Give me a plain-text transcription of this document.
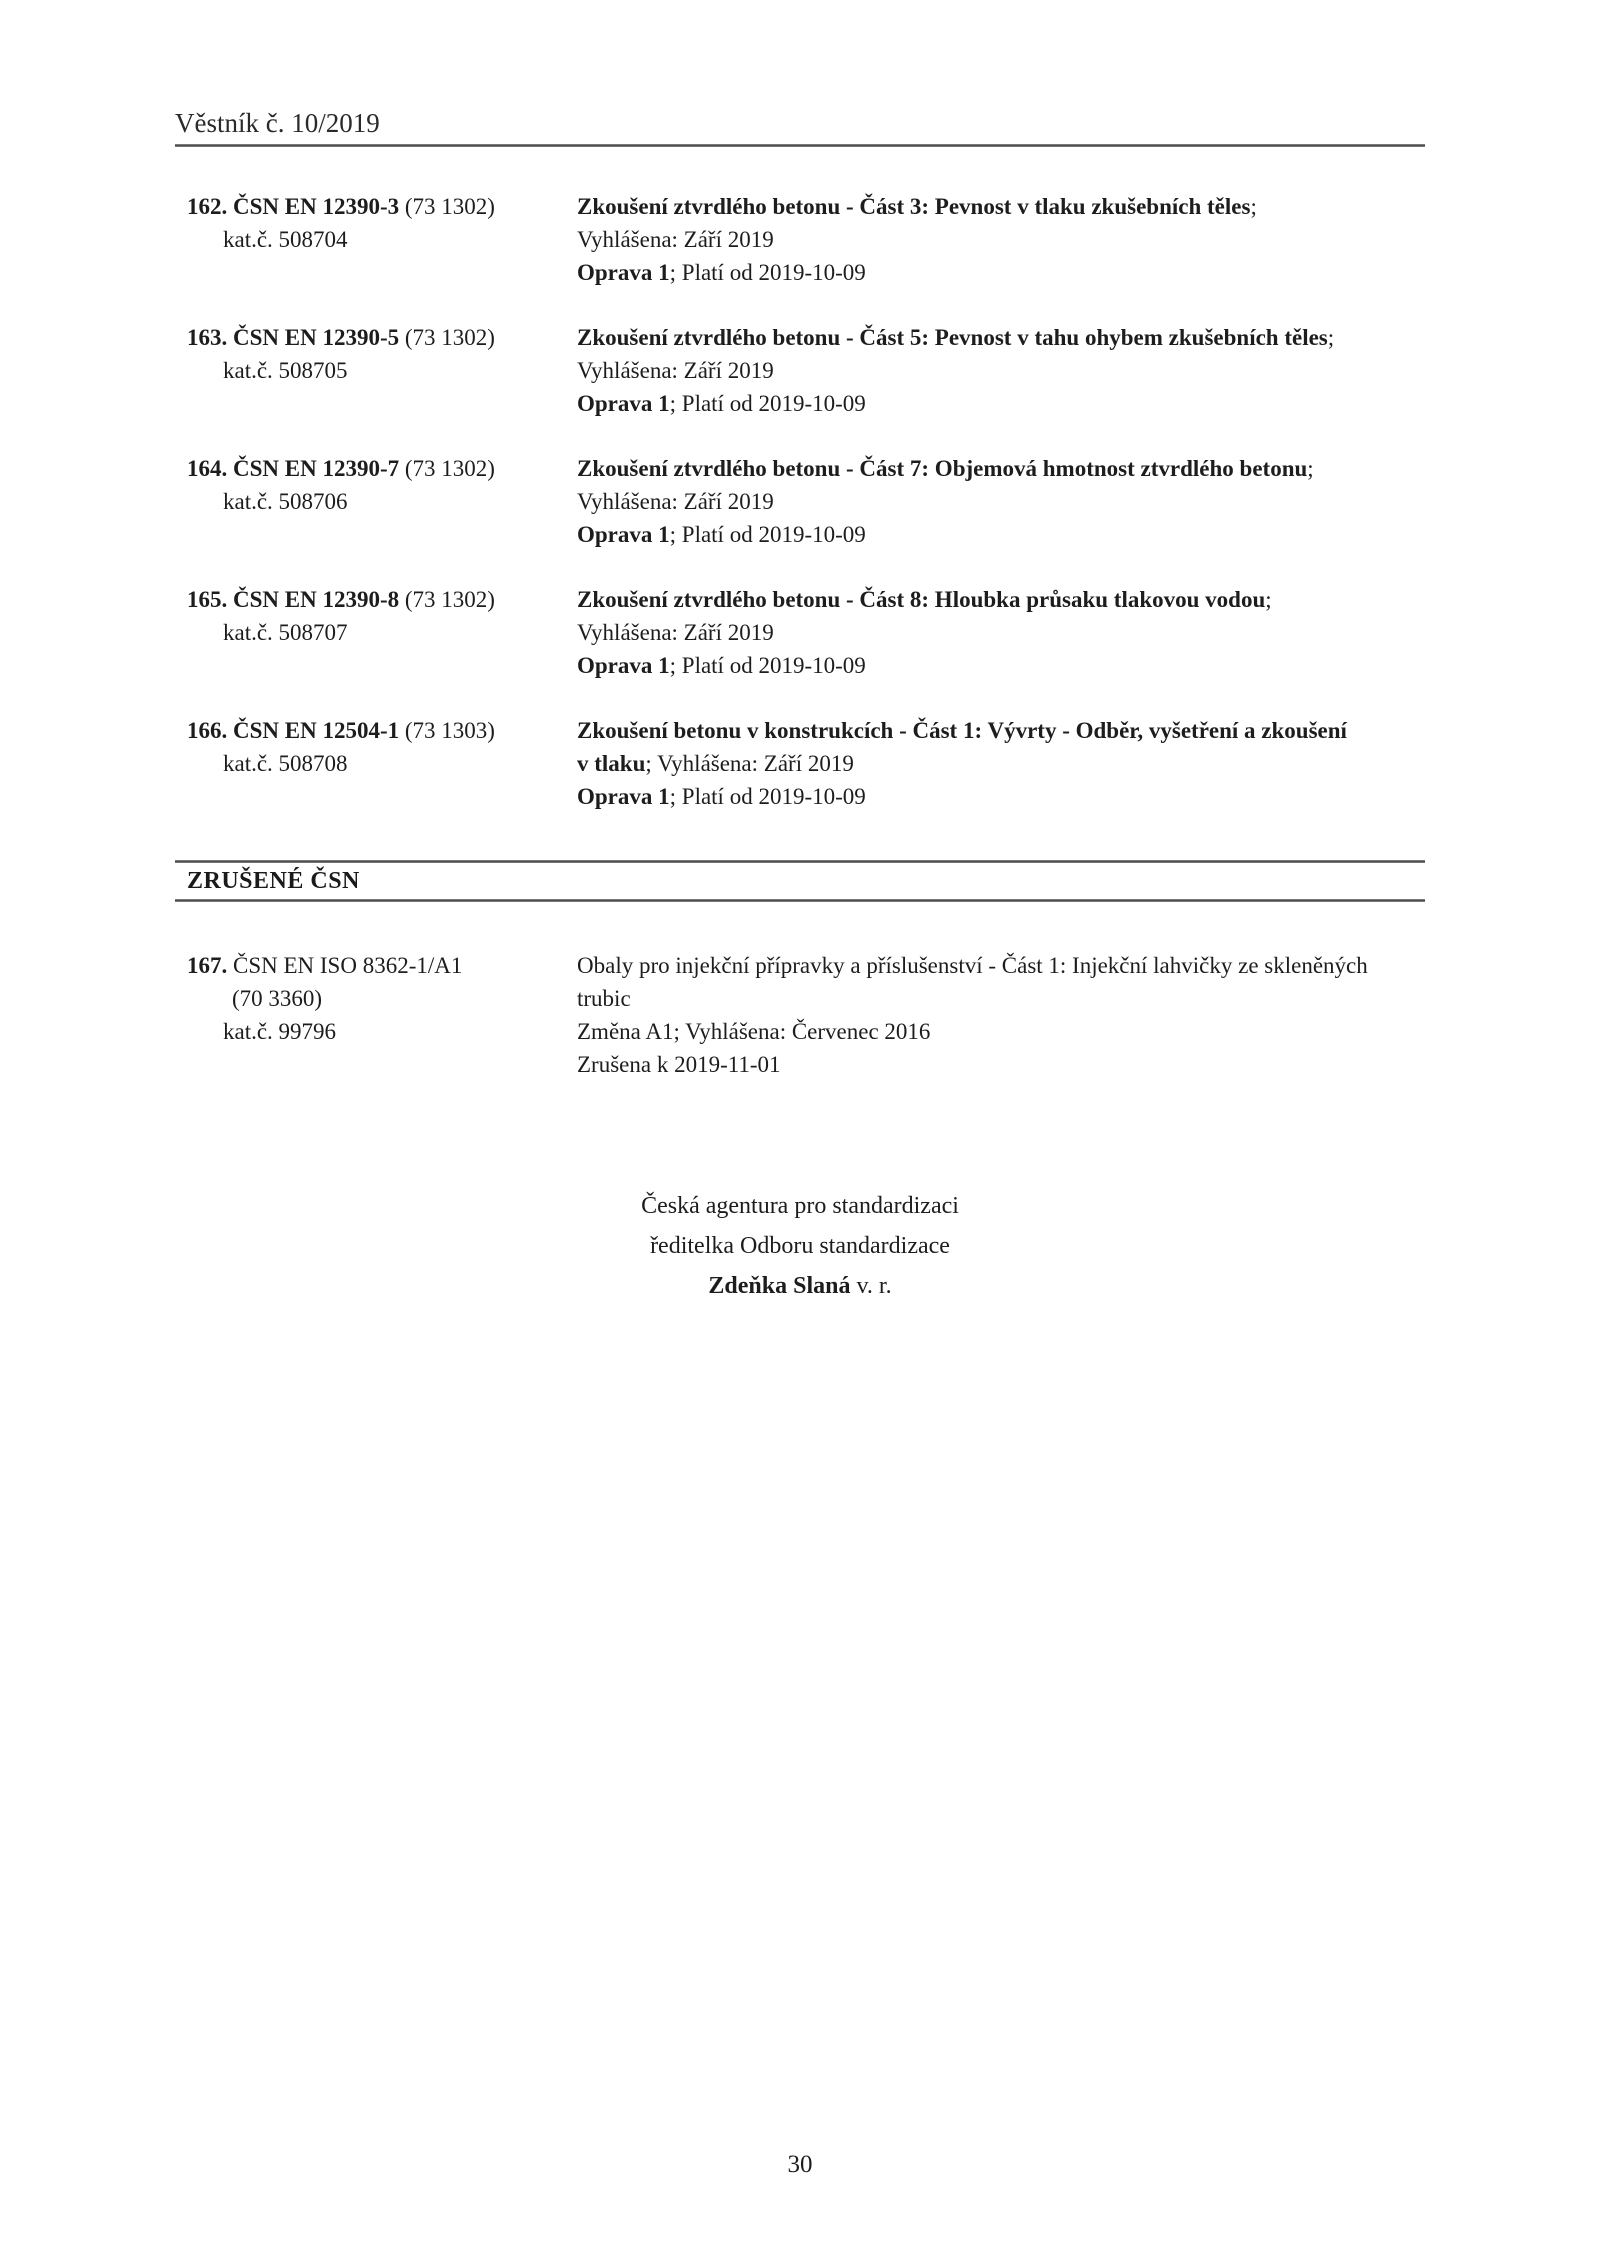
Věstník č. 10/2019
162. ČSN EN 12390-3 (73 1302)
kat.č. 508704
Zkoušení ztvrdlého betonu - Část 3: Pevnost v tlaku zkušebních těles;
Vyhlášena: Září 2019
Oprava 1; Platí od 2019-10-09
163. ČSN EN 12390-5 (73 1302)
kat.č. 508705
Zkoušení ztvrdlého betonu - Část 5: Pevnost v tahu ohybem zkušebních těles;
Vyhlášena: Září 2019
Oprava 1; Platí od 2019-10-09
164. ČSN EN 12390-7 (73 1302)
kat.č. 508706
Zkoušení ztvrdlého betonu - Část 7: Objemová hmotnost ztvrdlého betonu;
Vyhlášena: Září 2019
Oprava 1; Platí od 2019-10-09
165. ČSN EN 12390-8 (73 1302)
kat.č. 508707
Zkoušení ztvrdlého betonu - Část 8: Hloubka průsaku tlakovou vodou;
Vyhlášena: Září 2019
Oprava 1; Platí od 2019-10-09
166. ČSN EN 12504-1 (73 1303)
kat.č. 508708
Zkoušení betonu v konstrukcích - Část 1: Vývrty - Odběr, vyšetření a zkoušení
v tlaku; Vyhlášena: Září 2019
Oprava 1; Platí od 2019-10-09
ZRUŠENÉ ČSN
167. ČSN EN ISO 8362-1/A1
(70 3360)
kat.č. 99796
Obaly pro injekční přípravky a příslušenství - Část 1: Injekční lahvičky ze skleněných
trubic
Změna A1; Vyhlášena: Červenec 2016
Zrušena k 2019-11-01
Česká agentura pro standardizaci
ředitelka Odboru standardizace
Zdeňka Slaná v. r.
30
